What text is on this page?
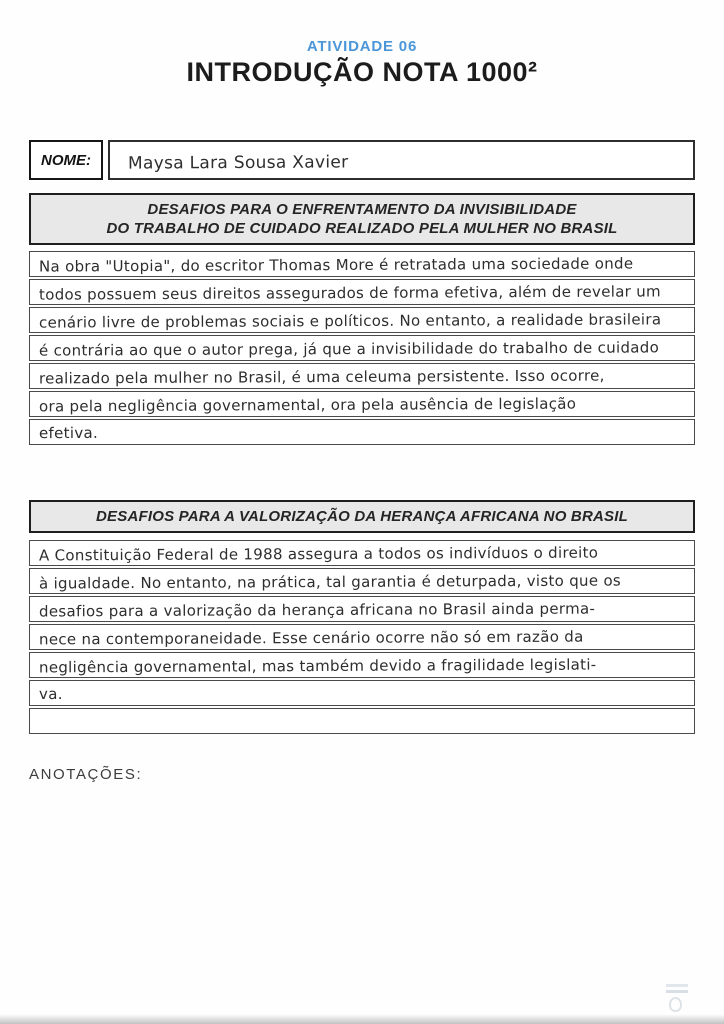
ATIVIDADE 06
INTRODUÇÃO NOTA 1000²
NOME:	Maysa Lara Sousa Xavier
DESAFIOS PARA O ENFRENTAMENTO DA INVISIBILIDADE
DO TRABALHO DE CUIDADO REALIZADO PELA MULHER NO BRASIL
Na obra "Utopia", do escritor Thomas More é retratada uma sociedade onde
todos possuem seus direitos assegurados de forma efetiva, além de revelar um
cenário livre de problemas sociais e políticos. No entanto, a realidade brasileira
é contrária ao que o autor prega, já que a invisibilidade do trabalho de cuidado
realizado pela mulher no Brasil, é uma celeuma persistente. Isso ocorre,
ora pela negligência governamental, ora pela ausência de legislação
efetiva.
DESAFIOS PARA A VALORIZAÇÃO DA HERANÇA AFRICANA NO BRASIL
A Constituição Federal de 1988 assegura a todos os indivíduos o direito
à igualdade. No entanto, na prática, tal garantia é deturpada, visto que os
desafios para a valorização da herança africana no Brasil ainda perma-
nece na contemporaneidade. Esse cenário ocorre não só em razão da
negligência governamental, mas também devido a fragilidade legislati-
va.
ANOTAÇÕES:
